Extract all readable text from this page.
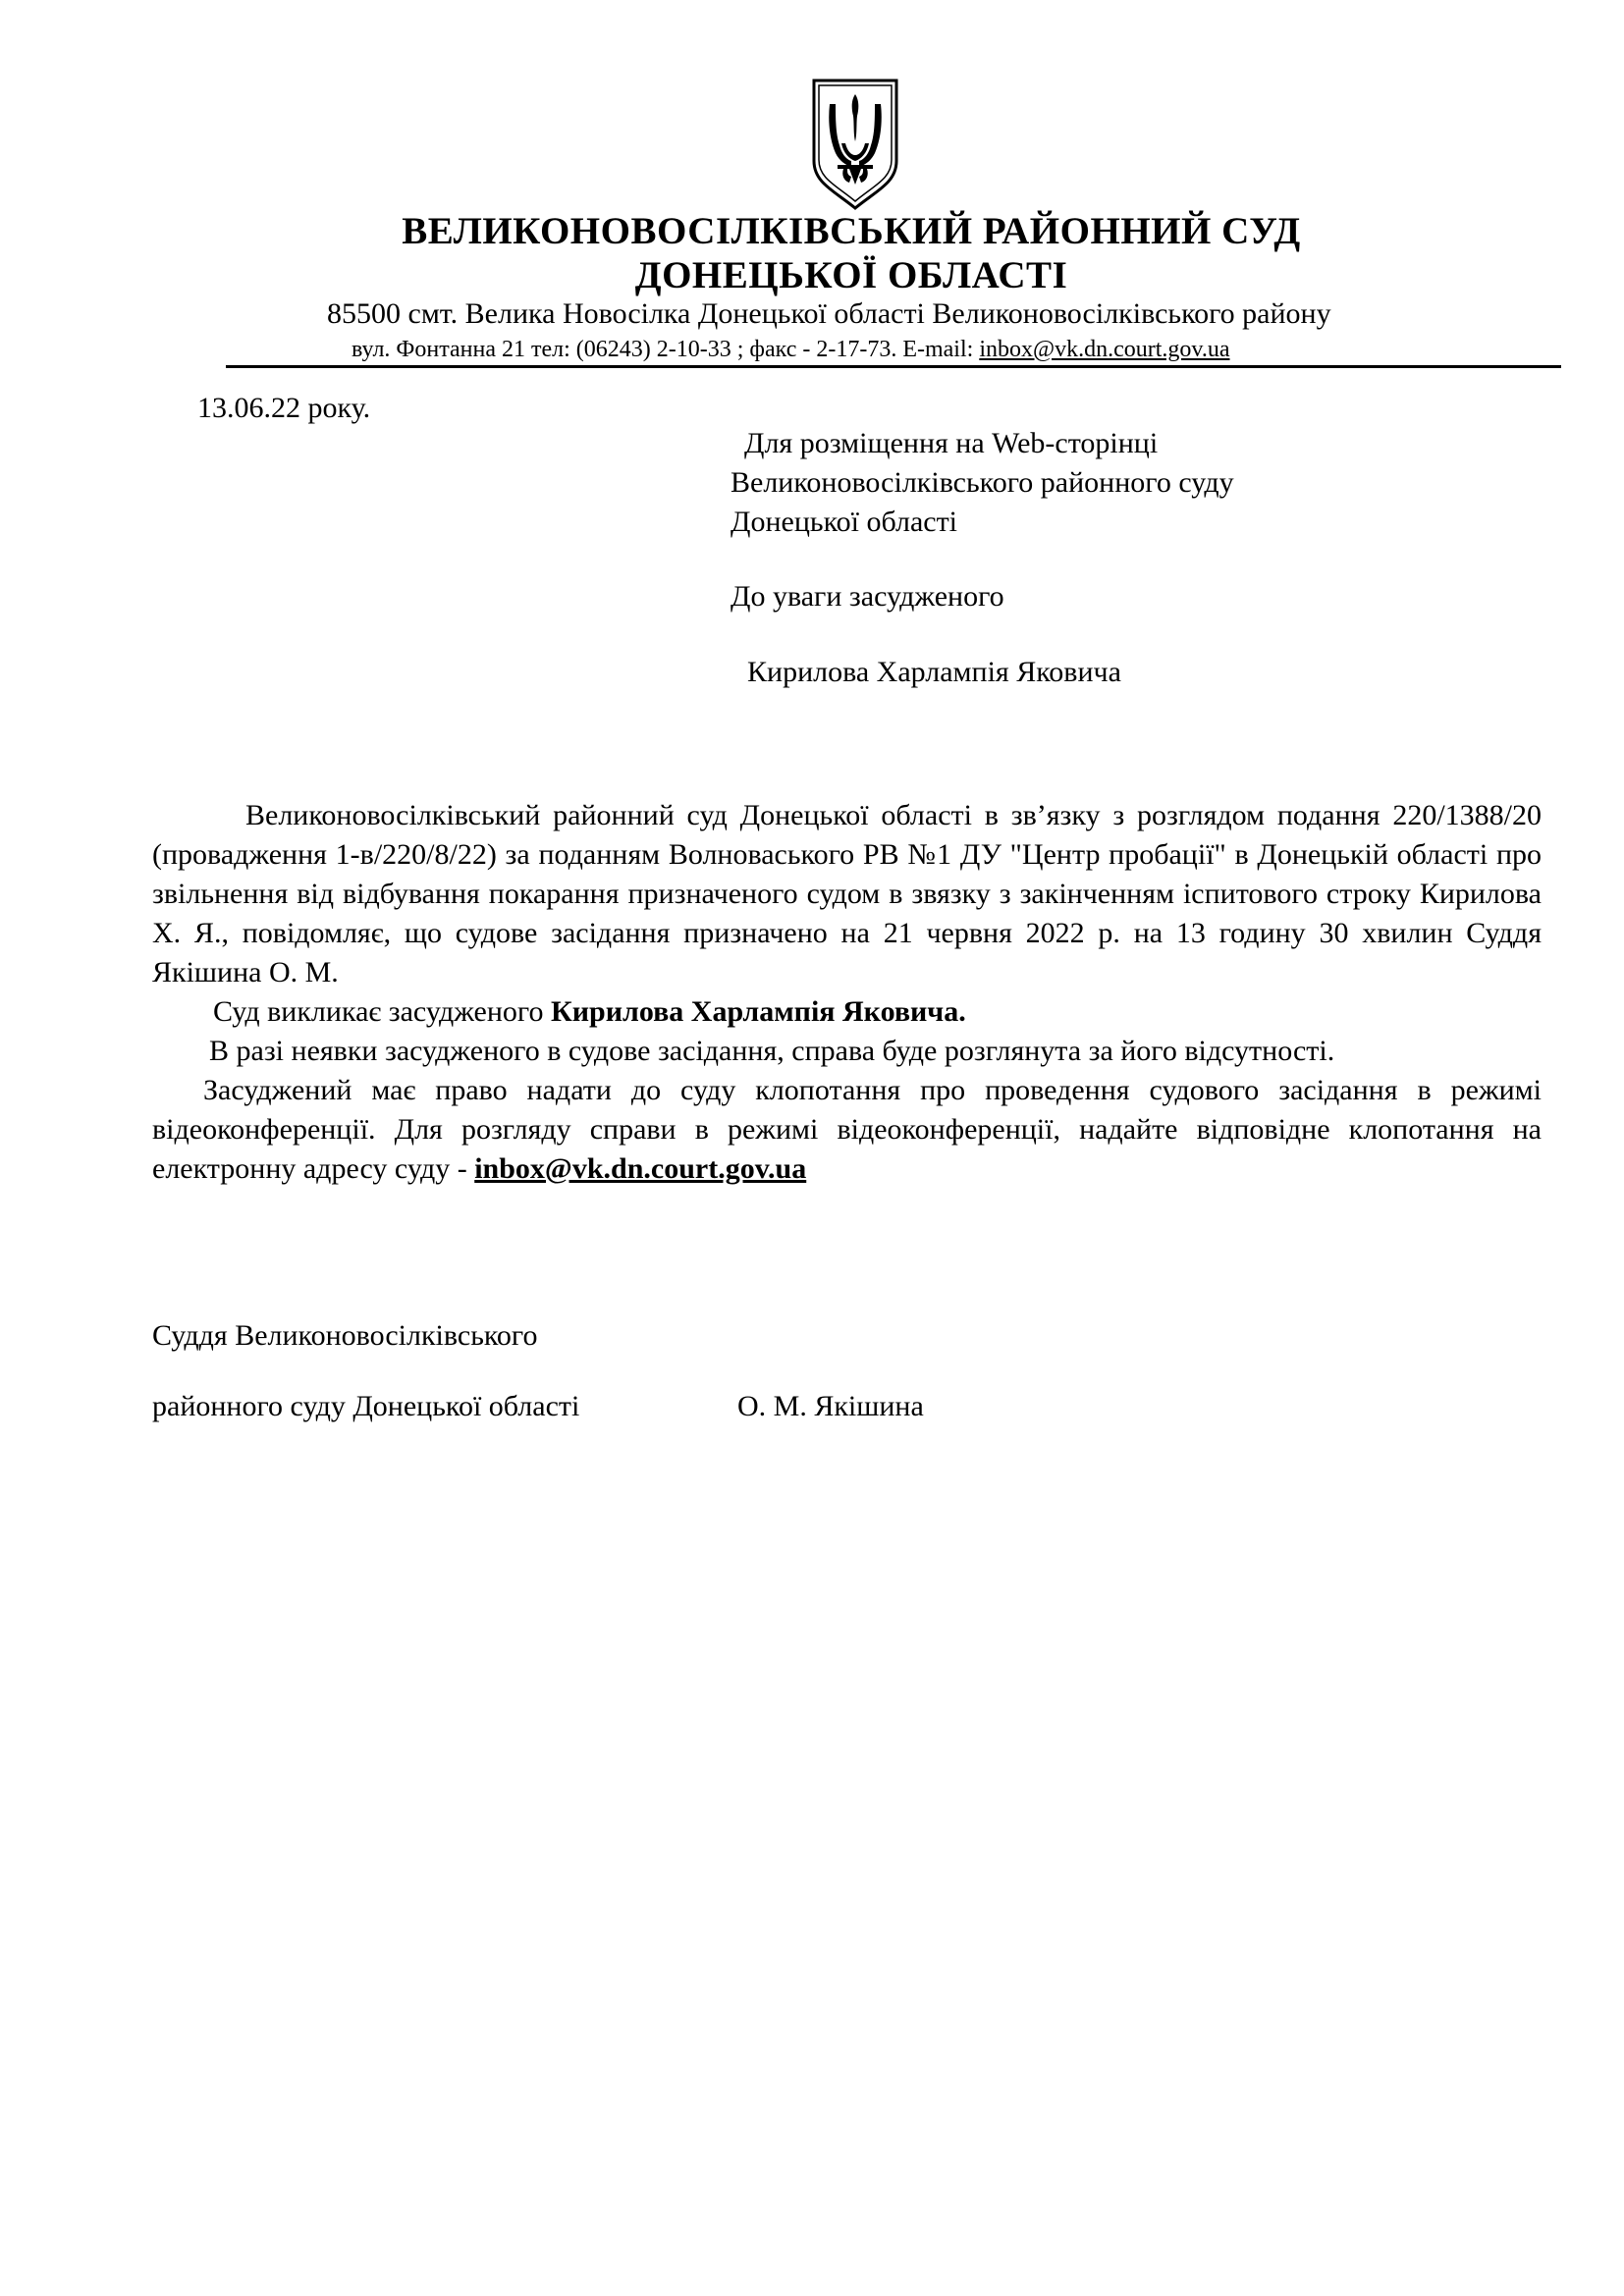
ВЕЛИКОНОВОСІЛКІВСЬКИЙ РАЙОННИЙ СУД
ДОНЕЦЬКОЇ ОБЛАСТІ
85500 смт. Велика Новосілка Донецької області Великоновосілківського району
вул. Фонтанна 21 тел: (06243) 2-10-33 ; факс - 2-17-73. E-mail: inbox@vk.dn.court.gov.ua
13.06.22 року.
Для розміщення на Web-сторінці
Великоновосілківського районного суду
Донецької області
До уваги засудженого
Кирилова Харлампія Яковича

Великоновосілківський районний суд Донецької області в зв’язку з розглядом подання 220/1388/20 (провадження 1-в/220/8/22) за поданням Волноваського РВ №1 ДУ "Центр пробації" в Донецькій області про звільнення від відбування покарання призначеного судом в звязку з закінченням іспитового строку Кирилова Х. Я., повідомляє, що судове засідання призначено на 21 червня 2022 р. на 13 годину 30 хвилин Суддя Якішина О. М.

Суд викликає засудженого Кирилова Харлампія Яковича.

В разі неявки засудженого в судове засідання, справа буде розглянута за його відсутності.

Засуджений має право надати до суду клопотання про проведення судового засідання в режимі відеоконференції. Для розгляду справи в режимі відеоконференції, надайте відповідне клопотання на електронну адресу суду - inbox@vk.dn.court.gov.ua

Суддя Великоновосілківського
районного суду Донецької області	О. М. Якішина
